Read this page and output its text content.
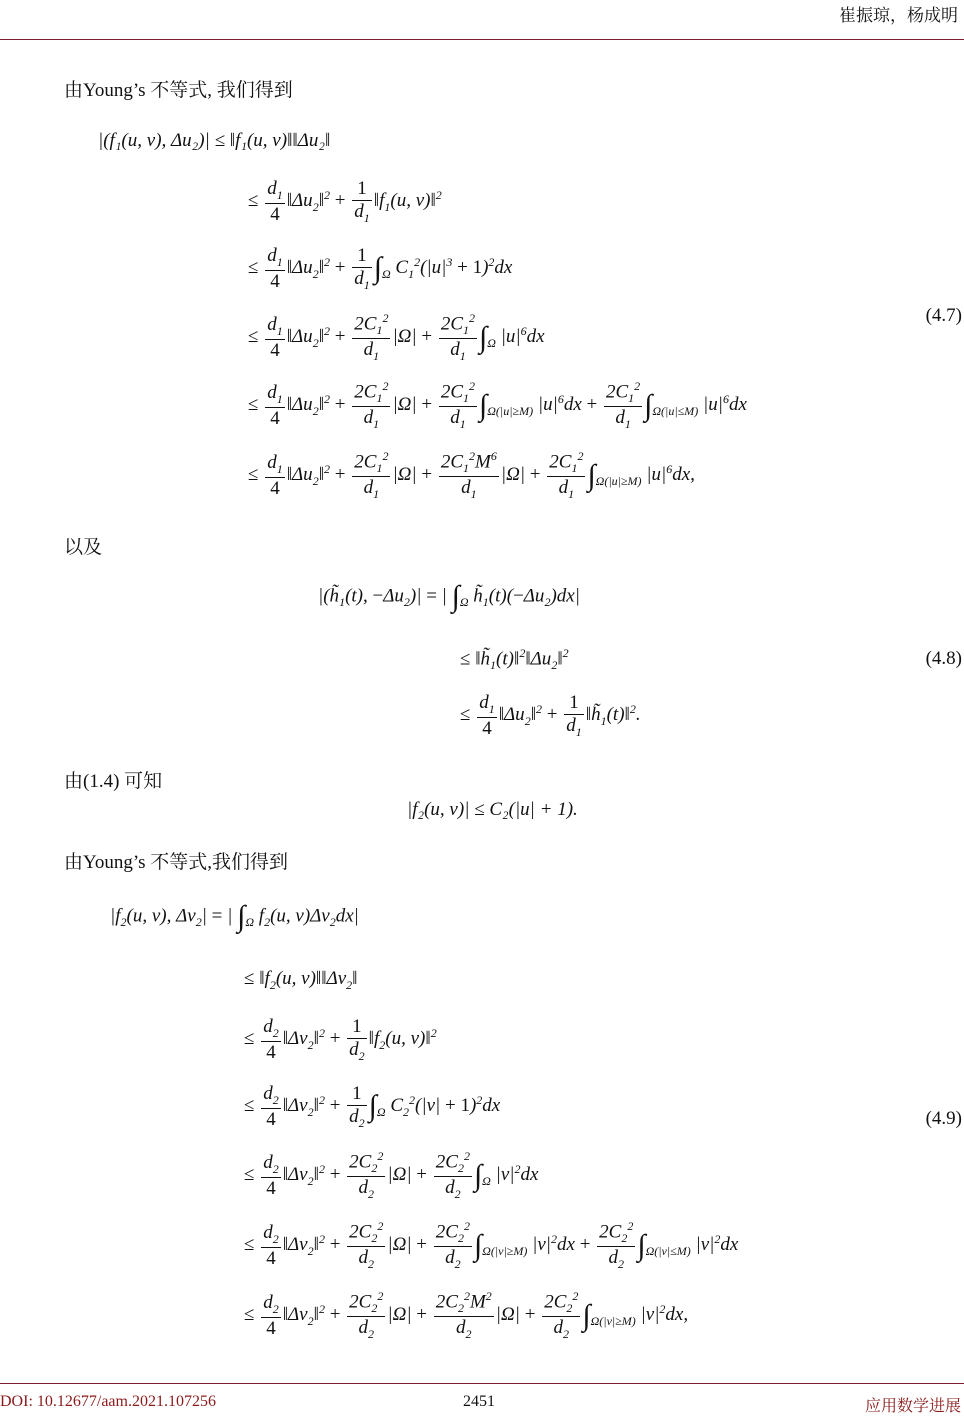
崔振琼，杨成明
由Young’s 不等式, 我们得到
|(f₁(u, v), Δu₂)| ≤ ‖f₁(u, v)‖‖Δu₂‖
≤ $\frac{d_1}{4}$ $‖\Delta u_2‖^2 + \frac{1}{d_1}$ $‖f_1(u$, v)‖$^2$
≤ $\frac{d_1}{4}$ $‖\Delta u_2‖^2 + \frac{1}{d_1} \int_\Omega$ $C_1^2(|u|^3 + 1)^2dx$
≤ $\frac{d_1}{4}$ $‖\Delta u_2‖^2 + \frac{2C_1^2}{d_1} |\Omega| + \frac{2C_1^2}{d_1} \int_\Omega$ $|u|^6dx$
(4.7)
≤ $\frac{d_1}{4}$ $‖\Delta u_2‖^2 + \frac{2C_1^2}{d_1} |\Omega| + \frac{2C_1^2}{d_1} \int_{\Omega(|u|\ge M)}$ $|u|^6dx + \frac{2C_1^2}{d_1} \int_{\Omega(|u|\le M)}$ $|u|^6dx$
≤ $\frac{d_1}{4}$ $‖\Delta u_2‖^2 + \frac{2C_1^2}{d_1} |\Omega| + \frac{2C_1^2M^6}{d_1} |\Omega| + \frac{2C_1^2}{d_1} \int_{\Omega(|u|\ge M)}$ $|u|^6dx$,
以及
$|(h̃_1(t)$, $-\Delta u_2)|$ = | $\int_\Omega$ $h̃_1(t)(-\Delta u_2)dx|$
≤ $‖h̃_1(t)‖^2‖\Delta u_2‖^2$	(4.8)
≤ $\frac{d_1}{4}$ $‖\Delta u_2‖^2 + \frac{1}{d_1}$ $‖h̃_1(t)‖^2$.
由(1.4) 可知
|f₂(u, v)| ≤ C₂(|u| + 1).
由Young’s 不等式,我们得到
$|f_2(u$, v), $\Delta v_2|$ = | $\int_\Omega$ $f_2(u$, $v)\Delta v_2dx|$
≤ $‖f_2(u$, $v)‖‖\Delta v_2‖$
≤ $\frac{d_2}{4}$ $‖\Delta v_2‖^2 + \frac{1}{d_2}$ $‖f_2(u$, v)‖$^2$
≤ $\frac{d_2}{4}$ $‖\Delta v_2‖^2 + \frac{1}{d_2} \int_\Omega$ $C_2^2(|v| + 1)^2dx$
(4.9)
≤ $\frac{d_2}{4}$ $‖\Delta v_2‖^2 + \frac{2C_2^2}{d_2} |\Omega| + \frac{2C_2^2}{d_2} \int_\Omega$ $|v|^2dx$
≤ $\frac{d_2}{4}$ $‖\Delta v_2‖^2 + \frac{2C_2^2}{d_2} |\Omega| + \frac{2C_2^2}{d_2} \int_{\Omega(|v|\ge M)}$ $|v|^2dx + \frac{2C_2^2}{d_2} \int_{\Omega(|v|\le M)}$ $|v|^2dx$
≤ $\frac{d_2}{4}$ $‖\Delta v_2‖^2 + \frac{2C_2^2}{d_2} |\Omega| + \frac{2C_2^2M^2}{d_2} |\Omega| + \frac{2C_2^2}{d_2} \int_{\Omega(|v|\ge M)}$ $|v|^2dx$,
DOI: 10.12677/aam.2021.107256	2451	应用数学进展
